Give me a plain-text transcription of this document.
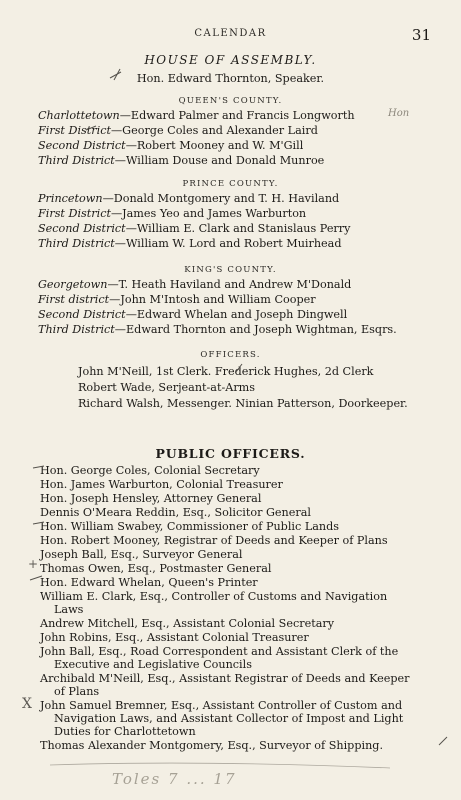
CALENDAR	31
HOUSE OF ASSEMBLY.
Hon. Edward Thornton, Speaker.
QUEEN'S COUNTY.
Charlottetown—Edward Palmer and Francis Longworth
First District—George Coles and Alexander Laird
Second District—Robert Mooney and W. M'Gill
Third District—William Douse and Donald Munroe
PRINCE COUNTY.
Princetown—Donald Montgomery and T. H. Haviland
First District—James Yeo and James Warburton
Second District—William E. Clark and Stanislaus Perry
Third District—William W. Lord and Robert Muirhead
KING'S COUNTY.
Georgetown—T. Heath Haviland and Andrew M'Donald
First district—John M'Intosh and William Cooper
Second District—Edward Whelan and Joseph Dingwell
Third District—Edward Thornton and Joseph Wightman, Esqrs.
OFFICERS.
John M'Neill, 1st Clerk. Frederick Hughes, 2d Clerk
Robert Wade, Serjeant-at-Arms
Richard Walsh, Messenger. Ninian Patterson, Doorkeeper.
PUBLIC OFFICERS.
Hon. George Coles, Colonial Secretary
Hon. James Warburton, Colonial Treasurer
Hon. Joseph Hensley, Attorney General
Dennis O'Meara Reddin, Esq., Solicitor General
Hon. William Swabey, Commissioner of Public Lands
Hon. Robert Mooney, Registrar of Deeds and Keeper of Plans
Joseph Ball, Esq., Surveyor General
Thomas Owen, Esq., Postmaster General
Hon. Edward Whelan, Queen's Printer
William E. Clark, Esq., Controller of Customs and Navigation
Laws
Andrew Mitchell, Esq., Assistant Colonial Secretary
John Robins, Esq., Assistant Colonial Treasurer
John Ball, Esq., Road Correspondent and Assistant Clerk of the
Executive and Legislative Councils
Archibald M'Neill, Esq., Assistant Registrar of Deeds and Keeper
of Plans
John Samuel Bremner, Esq., Assistant Controller of Custom and
Navigation Laws, and Assistant Collector of Impost and Light
Duties for Charlottetown
Thomas Alexander Montgomery, Esq., Surveyor of Shipping.
Hon
Toles 7 ... 17
X
+
